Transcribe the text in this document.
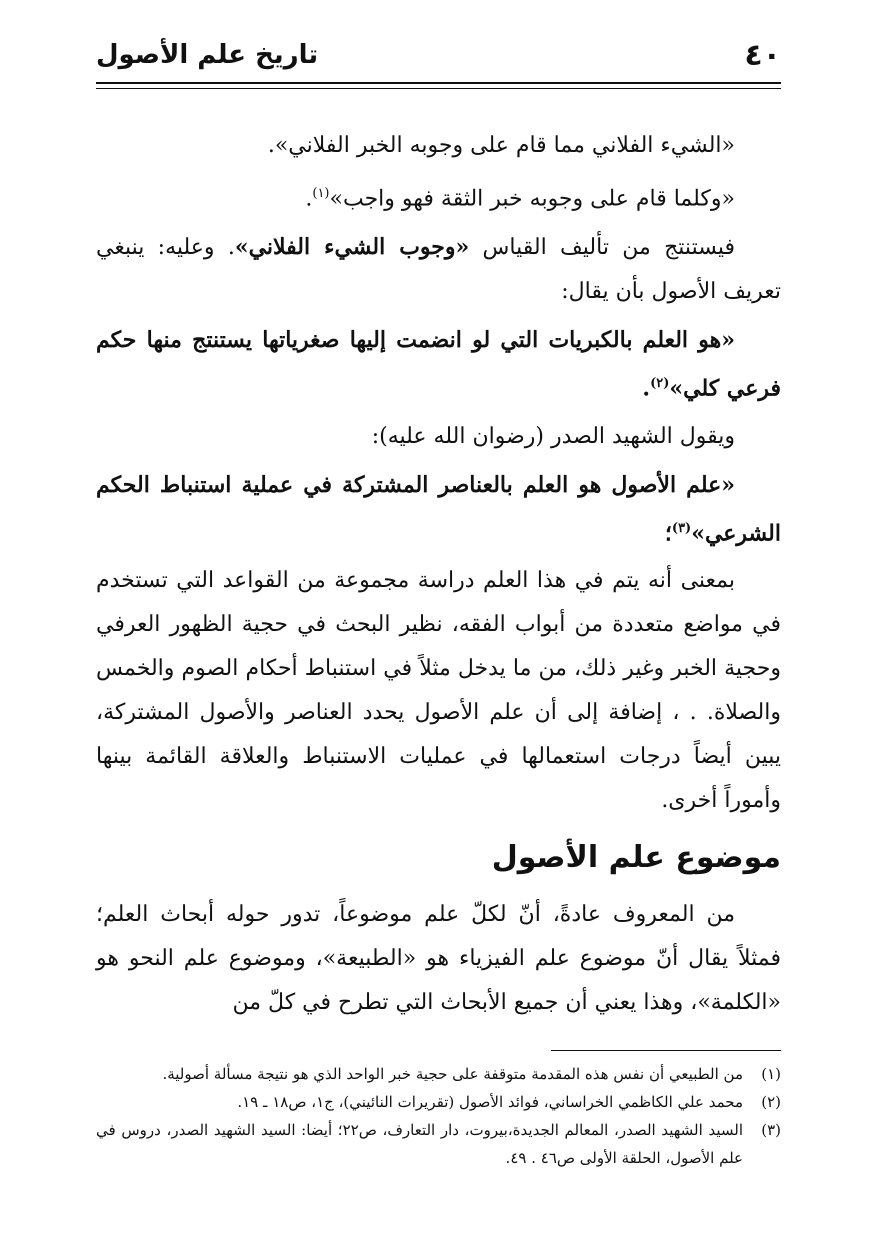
٤٠
تاريخ علم الأصول

«الشيء الفلاني مما قام على وجوبه الخبر الفلاني».

«وكلما قام على وجوبه خبر الثقة فهو واجب»$^{(١)}$.

فيستنتج من تأليف القياس «وجوب الشيء الفلاني». وعليه: ينبغي تعريف الأصول بأن يقال:

«هو العلم بالكبريات التي لو انضمت إليها صغرياتها يستنتج منها حكم فرعي كلي»$^{(٢)}$.

ويقول الشهيد الصدر (رضوان الله عليه):

«علم الأصول هو العلم بالعناصر المشتركة في عملية استنباط الحكم الشرعي»$^{(٣)}$؛

بمعنى أنه يتم في هذا العلم دراسة مجموعة من القواعد التي تستخدم في مواضع متعددة من أبواب الفقه، نظير البحث في حجية الظهور العرفي وحجية الخبر وغير ذلك، من ما يدخل مثلاً في استنباط أحكام الصوم والخمس والصلاة. . ، إضافة إلى أن علم الأصول يحدد العناصر والأصول المشتركة، يبين أيضاً درجات استعمالها في عمليات الاستنباط والعلاقة القائمة بينها وأموراً أخرى.

موضوع علم الأصول

من المعروف عادةً، أنّ لكلّ علم موضوعاً، تدور حوله أبحاث العلم؛ فمثلاً يقال أنّ موضوع علم الفيزياء هو «الطبيعة»، وموضوع علم النحو هو «الكلمة»، وهذا يعني أن جميع الأبحاث التي تطرح في كلّ من

(١)
من الطبيعي أن نفس هذه المقدمة متوقفة على حجية خبر الواحد الذي هو نتيجة مسألة أصولية.
(٢)
محمد علي الكاظمي الخراساني، فوائد الأصول (تقريرات النائيني)، ج١، ص١٨ ـ ١٩.
(٣)
السيد الشهيد الصدر، المعالم الجديدة،بيروت، دار التعارف، ص٢٢؛ أيضا: السيد الشهيد الصدر، دروس في علم الأصول، الحلقة الأولى ص٤٦ . ٤٩.
